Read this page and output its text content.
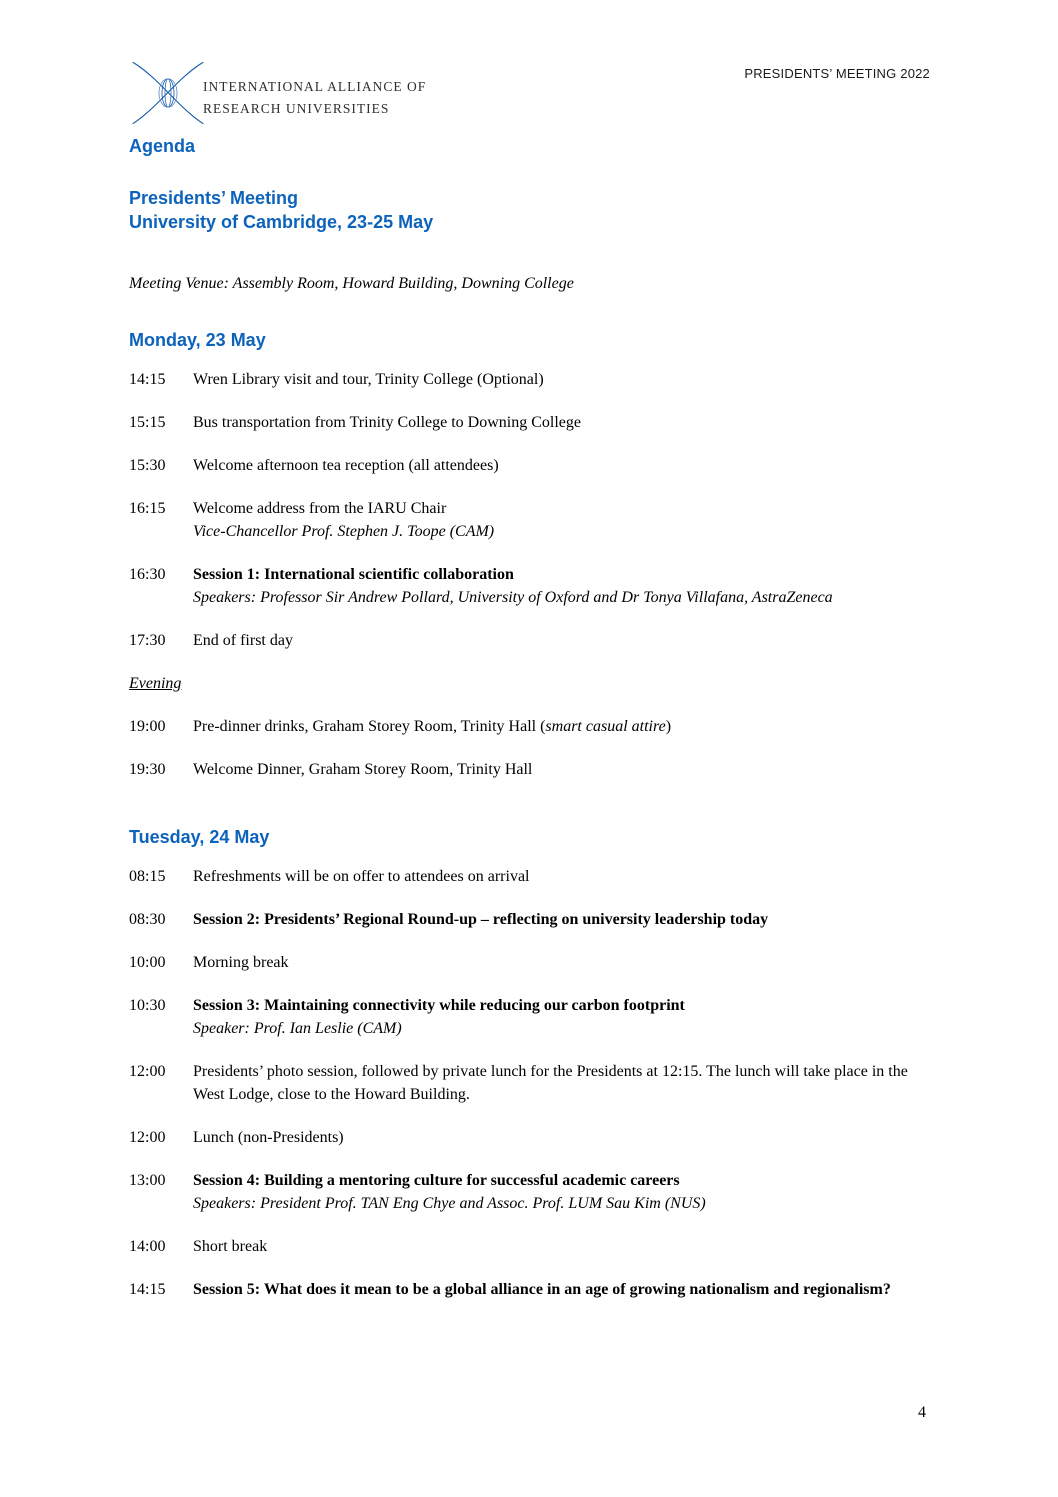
INTERNATIONAL ALLIANCE OF
RESEARCH UNIVERSITIES
PRESIDENTS’ MEETING 2022
Agenda
Presidents’ Meeting
University of Cambridge, 23-25 May
Meeting Venue: Assembly Room, Howard Building, Downing College
Monday, 23 May
14:15	Wren Library visit and tour, Trinity College (Optional)
15:15	Bus transportation from Trinity College to Downing College
15:30	Welcome afternoon tea reception (all attendees)
16:15	Welcome address from the IARU Chair
Vice-Chancellor Prof. Stephen J. Toope (CAM)
16:30	Session 1: International scientific collaboration
Speakers: Professor Sir Andrew Pollard, University of Oxford and Dr Tonya Villafana, AstraZeneca
17:30	End of first day
Evening
19:00	Pre-dinner drinks, Graham Storey Room, Trinity Hall (smart casual attire)
19:30	Welcome Dinner, Graham Storey Room, Trinity Hall
Tuesday, 24 May
08:15	Refreshments will be on offer to attendees on arrival
08:30	Session 2: Presidents’ Regional Round-up – reflecting on university leadership today
10:00	Morning break
10:30	Session 3: Maintaining connectivity while reducing our carbon footprint
Speaker: Prof. Ian Leslie (CAM)
12:00	Presidents’ photo session, followed by private lunch for the Presidents at 12:15. The lunch will take place in the West Lodge, close to the Howard Building.
12:00	Lunch (non-Presidents)
13:00	Session 4: Building a mentoring culture for successful academic careers
Speakers: President Prof. TAN Eng Chye and Assoc. Prof. LUM Sau Kim (NUS)
14:00	Short break
14:15	Session 5: What does it mean to be a global alliance in an age of growing nationalism and regionalism?
4
